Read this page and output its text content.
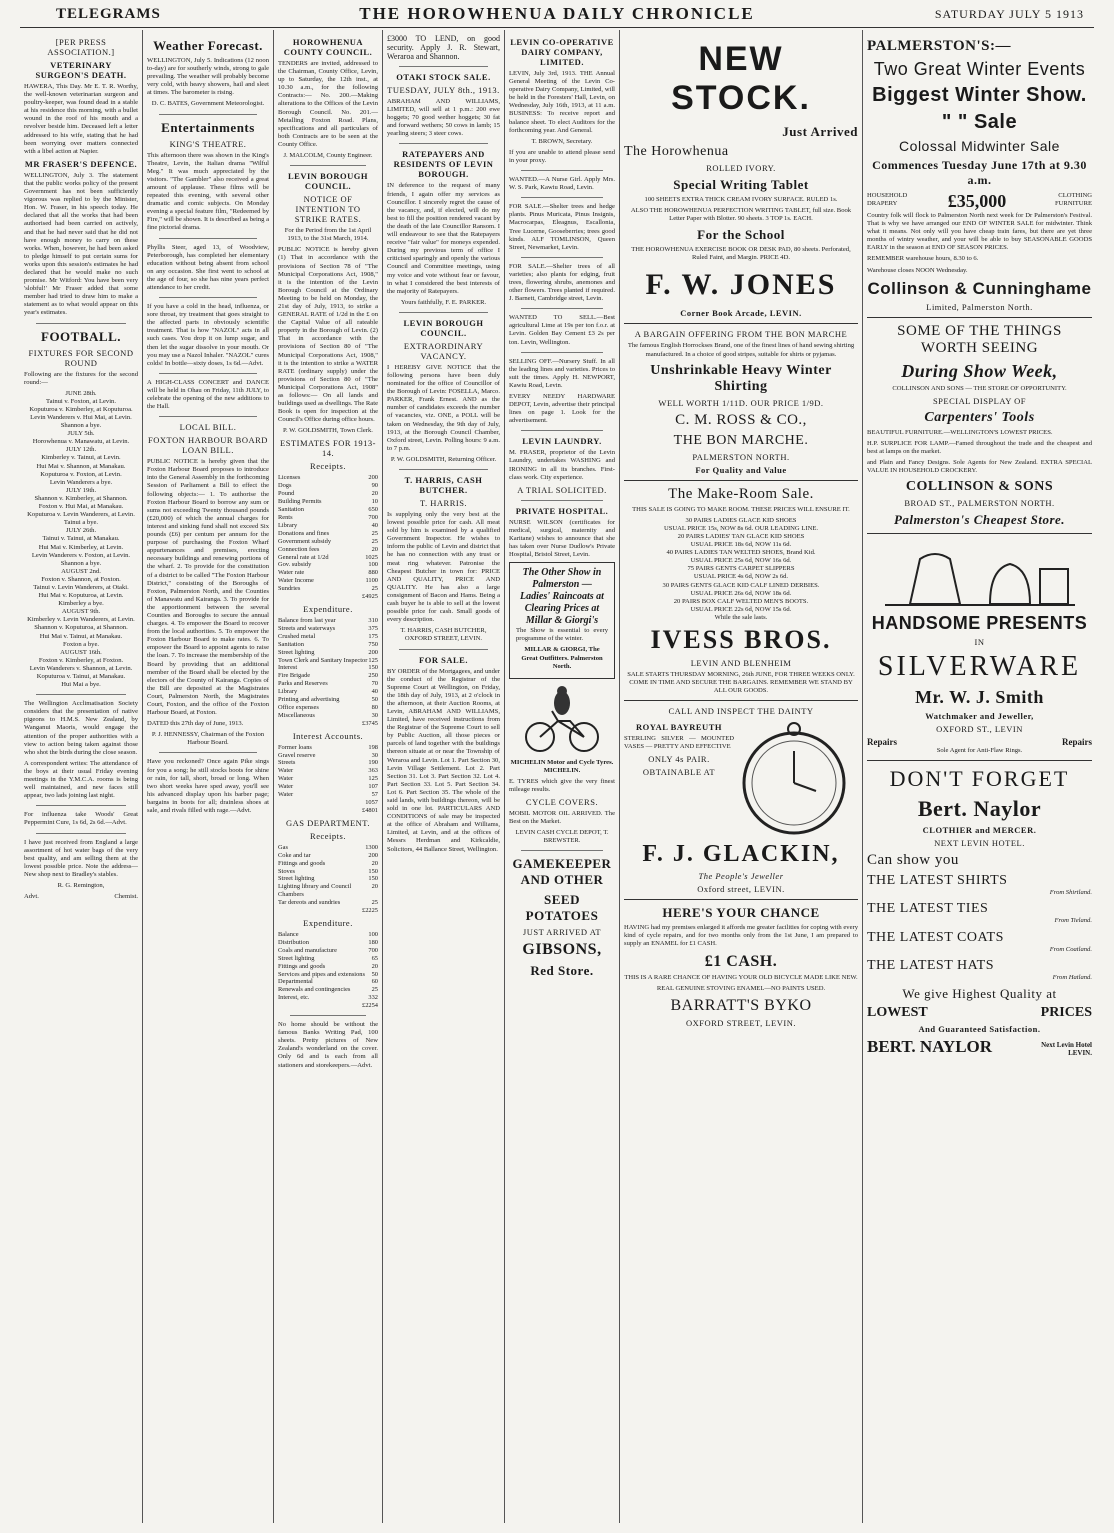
TELEGRAMS	THE HOROWHENUA DAILY CHRONICLE	SATURDAY JULY 5 1913
[PER PRESS ASSOCIATION.]
VETERINARY SURGEON'S DEATH.

HAWERA, This Day. Mr E. T. R. Worthy, the well-known veterinarian surgeon and poultry-keeper, was found dead in a stable at his residence this morning, with a bullet wound in the roof of his mouth and a revolver beside him. Deceased left a letter addressed to his wife, stating that he had been worrying over matters connected with a libel action at Napier.

MR FRASER'S DEFENCE.

WELLINGTON, July 3. The statement that the public works policy of the present Government has not been sufficiently vigorous was replied to by the Minister, Hon. W. Fraser, in his speech today. He declared that all the works that had been authorised had been carried on actively, and that he had never said that he did not have enough money to carry on these works. When, however, he had been asked to pledge himself to put certain sums for works upon this session's estimates he had declared that he would make no such promise. Mr Witford: You have been very 'slobful!' Mr Fraser added that some member had tried to draw him to make a statement as to what would appear on this year's estimates.

FOOTBALL.
FIXTURES FOR SECOND ROUND

Following are the fixtures for the second round:—

JUNE 28th.

Tainui v. Foxton, at Levin.

Koputuroa v. Kimberley, at Koputuroa.

Levin Wanderers v. Hui Mai, at Levin.

Shannon a bye.

JULY 5th.

Horowhenua v. Manawatu, at Levin.

JULY 12th.

Kimberley v. Tainui, at Levin.

Hui Mai v. Shannon, at Manakau.

Koputuroa v. Foxton, at Levin.

Levin Wanderers a bye.

JULY 19th.

Shannon v. Kimberley, at Shannon.

Foxton v. Hui Mai, at Manakau.

Koputuroa v. Levin Wanderers, at Levin.

Tainui a bye.

JULY 26th.

Tainui v. Tainui, at Manakau.

Hui Mai v. Kimberley, at Levin.

Levin Wanderers v. Foxton, at Levin.

Shannon a bye.

AUGUST 2nd.

Foxton v. Shannon, at Foxton.

Tainui v. Levin Wanderers, at Otaki.

Hui Mai v. Koputuroa, at Levin.

Kimberley a bye.

AUGUST 9th.

Kimberley v. Levin Wanderers, at Levin.

Shannon v. Koputuroa, at Shannon.

Hui Mai v. Tainui, at Manakau.

Foxton a bye.

AUGUST 16th.

Foxton v. Kimberley, at Foxton.

Levin Wanderers v. Shannon, at Levin.

Koputuroa v. Tainui, at Manakau.

Hui Mai a bye.

The Wellington Acclimatisation Society considers that the presentation of native pigeons to H.M.S. New Zealand, by Wanganui Maoris, would engage the attention of the proper authorities with a view to action being taken against those who shot the birds during the close season.

A correspondent writes: The attendance of the boys at their usual Friday evening meetings in the Y.M.C.A. rooms is being well maintained, and new faces still appear, two lads joining last night.

For influenza take Woods' Great Peppermint Cure, 1s 6d, 2s 6d.—Advt.

I have just received from England a large assortment of hot water bags of the very best quality, and am selling them at the lowest possible price. Note the address—New shop next to Bradley's stables.

R. G. Remington,

Advt.	Chemist.
Weather Forecast.

WELLINGTON, July 5. Indications (12 noon to-day) are for southerly winds, strong to gale prevailing. The weather will probably become very cold, with heavy showers, hail and sleet at times. The barometer is rising.

D. C. BATES, Government Meteorologist.

Entertainments
KING'S THEATRE.

This afternoon there was shown in the King's Theatre, Levin, the Italian drama "Wilful Meg." It was much appreciated by the visitors. "The Gambler" also received a great amount of applause. These films will be repeated this evening, with several other dramatic and comic subjects. On Monday evening a special feature film, "Redeemed by Fire," will be shown. It is described as being a fine pictorial drama.

Phyllis Steer, aged 13, of Woodview, Peterborough, has completed her elementary education without being absent from school on any occasion. She first went to school at the age of four, so she has nine years perfect attendance to her credit.

If you have a cold in the head, influenza, or sore throat, try treatment that goes straight to the affected parts in obviously scientific treatment. That is how "NAZOL" acts in all such cases. You drop it on lump sugar, and then let the sugar dissolve in your mouth. Or you may use a Nazol Inhaler. "NAZOL" cures colds! In bottle—sixty doses, 1s 6d.—Advt.

A HIGH-CLASS CONCERT and DANCE will be held in Ohau on Friday, 11th JULY, to celebrate the opening of the new additions to the Hall.

LOCAL BILL.
FOXTON HARBOUR BOARD LOAN BILL.

PUBLIC NOTICE is hereby given that the Foxton Harbour Board proposes to introduce into the General Assembly in the forthcoming Session of Parliament a Bill to effect the following objects:— 1. To authorise the Foxton Harbour Board to borrow any sum or sums not exceeding Twenty thousand pounds (£20,000) of which the annual charges for interest and sinking fund shall not exceed Six pounds (£6) per centum per annum for the purpose of purchasing the Foxton Wharf appurtenances and premises, erecting necessary buildings and renewing portions of the wharf. 2. To provide for the constitution of a district to be called "The Foxton Harbour District," consisting of the Boroughs of Foxton, Palmerston North, and the Counties of Manawatu and Kairanga. 3. To provide for the apportionment between the several Counties and Boroughs to secure the annual charges. 4. To empower the Board to recover from the local authorities. 5. To empower the Foxton Harbour Board to make rates. 6. To empower the Board to appoint agents to raise the loan. 7. To increase the membership of the Board by providing that an additional member of the Board shall be elected by the electors of the County of Kairanga. Copies of the Bill are deposited at the Magistrates Court, Palmerston North, the Magistrates Court, Foxton, and the office of the Foxton Harbour Board, at Foxton.

DATED this 27th day of June, 1913.

P. J. HENNESSY, Chairman of the Foxton Harbour Board.

Have you reckoned? Once again Pike sings for you a song; he still stocks boots for shine or rain, for tall, short, broad or long. When two short weeks have sped away, you'll see his advanced display upon his barber page; bargains in boots for all; drainless shoes at sale, and rivals filled with rage.—Advt.

HOROWHENUA COUNTY COUNCIL.

TENDERS are invited, addressed to the Chairman, County Office, Levin, up to Saturday, the 12th inst., at 10.30 a.m., for the following Contracts:— No. 200.—Making alterations to the Offices of the Levin Borough Council. No. 201.—Metalling Foxton Road. Plans, specifications and all particulars of both Contracts are to be seen at the County Office.

J. MALCOLM, County Engineer.

LEVIN BOROUGH COUNCIL.
NOTICE OF INTENTION TO STRIKE RATES.

For the Period from the 1st April 1913, to the 31st March, 1914.

PUBLIC NOTICE is hereby given (1) That in accordance with the provisions of Section 78 of "The Municipal Corporations Act, 1908," it is the intention of the Levin Borough Council at the Ordinary Meeting to be held on Monday, the 21st day of July, 1913, to strike a GENERAL RATE of 1/2d in the £ on the Capital Value of all rateable property in the Borough of Levin. (2) That in accordance with the provisions of Section 80 of "The Municipal Corporations Act, 1908," it is the intention to strike a WATER RATE (ordinary supply) under the provisions of Section 80 of "The Municipal Corporations Act, 1908" as follows:— On all lands and buildings used as dwellings. The Rate Book is open for inspection at the Council's Office during office hours.

P. W. GOLDSMITH, Town Clerk.

ESTIMATES FOR 1913-14.
Receipts.
Licenses	200
Dogs	90
Pound	20
Building Permits	10
Sanitation	650
Rents	700
Library	40
Donations and fines	25
Government subsidy	25
Connection fees	20
General rate at 1/2d	1025
Gov. subsidy	100
Water rate	880
Water Income	1100
Sundries	25
£4925
Expenditure.
Balance from last year	310
Streets and waterways	375
Crushed metal	175
Sanitation	750
Street lighting	200
Town Clerk and Sanitary Inspector 125
Interest	150
Fire Brigade	250
Parks and Reserves	70
Library	40
Printing and advertising	50
Office expenses	80
Miscellaneous	30
£3745
Interest Accounts.
Former loans	198
Gravel reserve	30
Streets	190
Water	363
Water	125
Water	107
Water	57
1057
£4801
GAS DEPARTMENT.
Receipts.
Gas	1300
Coke and tar	200
Fittings and goods	20
Stoves	150
Street lighting	150
Lighting library and Council Chambers
20
Tar dereots and sundries	25
£2225
Expenditure.
Balance	100
Distribution	180
Coals and manufacture	700
Street lighting	65
Fittings and goods	20
Services and pipes and extensions 50
Departmental	60
Renewals and contingencies	25
Interest, etc.	332
£2254

No home should be without the famous Banks Writing Pad, 100 sheets. Pretty pictures of New Zealand's wonderland on the cover. Only 6d and is each from all stationers and storekeepers.—Advt.

£3000 TO LEND, on good security. Apply J. R. Stewart, Weraroa and Shannon.

OTAKI STOCK SALE.
TUESDAY, JULY 8th., 1913.

ABRAHAM AND WILLIAMS, LIMITED, will sell at 1 p.m.: 200 ewe hoggets; 70 good wether hoggets; 30 fat and forward wethers; 50 cows in lamb; 15 yearling steers; 3 steer cows.

RATEPAYERS AND RESIDENTS OF LEVIN BOROUGH.

IN deference to the request of many friends, I again offer my services as Councillor. I sincerely regret the cause of the vacancy, and, if elected, will do my best to fill the position rendered vacant by the death of the late Councillor Ransom. I will endeavour to see that the Ratepayers receive "fair value" for moneys expended. During my previous term of office I criticised sparingly and openly the various Council and Committee meetings, using my voice and vote without fear or favour, in what I considered the best interests of the majority of Ratepayers.

Yours faithfully, F. E. PARKER.

LEVIN BOROUGH COUNCIL.
EXTRAORDINARY VACANCY.

I HEREBY GIVE NOTICE that the following persons have been duly nominated for the office of Councillor of the Borough of Levin: FOSELLA, Marco. PARKER, Frank Ernest. AND as the number of candidates exceeds the number of vacancies, viz. ONE, a POLL will be taken on Wednesday, the 9th day of July, 1913, at the Borough Council Chamber, Oxford street, Levin. Polling hours: 9 a.m. to 7 p.m.

P. W. GOLDSMITH, Returning Officer.

T. HARRIS, CASH BUTCHER.
T. HARRIS.

Is supplying only the very best at the lowest possible price for cash. All meat sold by him is examined by a qualified Government Inspector. He wishes to inform the public of Levin and district that he has no connection with any trust or meat ring whatever. Patronise the Cheapest Butcher in town for: PRICE AND QUALITY, PRICE AND QUALITY. He has also a large consignment of Bacon and Hams. Being a cash buyer he is able to sell at the lowest possible price for cash. Small goods of every description.

T. HARRIS, CASH BUTCHER, OXFORD STREET, LEVIN.

FOR SALE.

BY ORDER of the Mortgagees, and under the conduct of the Registrar of the Supreme Court at Wellington, on Friday, the 18th day of July, 1913, at 2 o'clock in the afternoon, at their Auction Rooms, at Levin, ABRAHAM AND WILLIAMS, Limited, have received instructions from the Registrar of the Supreme Court to sell by Public Auction, all those pieces or parcels of land together with the buildings thereon situate at or near the Township of Weraroa and Levin. Lot 1. Part Section 30, Levin Village Settlement. Lot 2. Part Section 31. Lot 3. Part Section 32. Lot 4. Part Section 33. Lot 5. Part Section 34. Lot 6. Part Section 35. The whole of the said lands, with buildings thereon, will be sold in one lot. PARTICULARS AND CONDITIONS of sale may be inspected at the office of Abraham and Williams, Limited, at Levin, and at the offices of Messrs Herdman and Kirkcaldie, Solicitors, 44 Ballance Street, Wellington.

LEVIN CO-OPERATIVE DAIRY COMPANY, LIMITED.

LEVIN, July 3rd, 1913. THE Annual General Meeting of the Levin Co-operative Dairy Company, Limited, will be held in the Foresters' Hall, Levin, on Wednesday, July 16th, 1913, at 11 a.m. BUSINESS: To receive report and balance sheet. To elect Auditors for the forthcoming year. And General.

T. BROWN, Secretary.

If you are unable to attend please send in your proxy.

WANTED.—A Nurse Girl. Apply Mrs. W. S. Park, Kawiu Road, Levin.

FOR SALE.—Shelter trees and hedge plants. Pinus Muricata, Pinus Insignis, Macrocarpas, Eleagnus, Escallonia, Tree Lucerne, Gooseberries; trees good kinds. ALF TOMLINSON, Queen Street, Newmarket, Levin.

FOR SALE.—Shelter trees of all varieties; also plants for edging, fruit trees, flowering shrubs, anemones and other flowers. Trees planted if required. J. Barnett, Cambridge street, Levin.

WANTED TO SELL.—Best agricultural Lime at 19s per ton f.o.r. at Levin. Golden Bay Cement £3 2s per ton. Levin, Wellington.

SELLING OFF.—Nursery Stuff. In all the leading lines and varieties. Prices to suit the times. Apply H. NEWPORT, Kawiu Road, Levin.

EVERY NEEDY HARDWARE DEPOT, Levin, advertise their principal lines on page 1. Look for the advertisement.

LEVIN LAUNDRY.

M. FRASER, proprietor of the Levin Laundry, undertakes WASHING and IRONING in all its branches. First-class work. City experience.

A TRIAL SOLICITED.
PRIVATE HOSPITAL.

NURSE WILSON (certificates for medical, surgical, maternity and Karitane) wishes to announce that she has taken over Nurse Dudlow's Private Hospital, Bristol Street, Levin.

The Other Show in Palmerston — Ladies' Raincoats at Clearing Prices at Millar & Giorgi's

The Show is essential to every programme of the winter.

MILLAR & GIORGI, The Great Outfitters. Palmerston North.

MICHELIN Motor and Cycle Tyres. MICHELIN.

E. TYRES which give the very finest mileage results.

CYCLE COVERS.

MOBIL MOTOR OIL ARRIVED. The Best on the Market.

LEVIN CASH CYCLE DEPOT, T. BREWSTER.

GAMEKEEPER AND OTHER
SEED POTATOES
JUST ARRIVED AT
GIBSONS,
Red Store.
NEW STOCK.
Just Arrived
The Horowhenua
ROLLED IVORY.
Special Writing Tablet

100 SHEETS EXTRA THICK CREAM IVORY SURFACE. RULED 1s.

ALSO THE HOROWHENUA PERFECTION WRITING TABLET, full size. Book Letter Paper with Blotter. 90 sheets. 3 TOP 1s. EACH.

For the School

THE HOROWHENUA EXERCISE BOOK OR DESK PAD, 80 sheets. Perforated, Ruled Faint, and Margin. PRICE 4D.

F. W. JONES
Corner Book Arcade, LEVIN.
A BARGAIN OFFERING FROM THE BON MARCHE

The famous English Horrockses Brand, one of the finest lines of hand sewing shirting manufactured. In a choice of good stripes, suitable for shirts or pyjamas.

Unshrinkable Heavy Winter Shirting
WELL WORTH 1/11D. OUR PRICE 1/9D.
C. M. ROSS & CO.,
THE BON MARCHE.
PALMERSTON NORTH.
For Quality and Value
The Make-Room Sale.

THIS SALE IS GOING TO MAKE ROOM. THESE PRICES WILL ENSURE IT.

30 PAIRS LADIES GLACE KID SHOES

USUAL PRICE 15s, NOW 8s 6d. OUR LEADING LINE.

20 PAIRS LADIES' TAN GLACE KID SHOES

USUAL PRICE 18s 6d, NOW 11s 6d.

40 PAIRS LADIES TAN WELTED SHOES, Brand Kid.

USUAL PRICE 25s 6d, NOW 16s 6d.

75 PAIRS GENTS CARPET SLIPPERS

USUAL PRICE 4s 6d, NOW 2s 6d.

30 PAIRS GENTS GLACE KID CALF LINED DERBIES.

USUAL PRICE 26s 6d, NOW 18s 6d.

20 PAIRS BOX CALF WELTED MEN'S BOOTS.

USUAL PRICE 22s 6d, NOW 15s 6d.

While the sale lasts.

IVESS BROS.
LEVIN AND BLENHEIM

SALE STARTS THURSDAY MORNING, 26th JUNE, FOR THREE WEEKS ONLY. COME IN TIME AND SECURE THE BARGAINS. REMEMBER WE STAND BY ALL OUR GOODS.

CALL AND INSPECT THE DAINTY
ROYAL BAYREUTH

STERLING SILVER — MOUNTED VASES — PRETTY AND EFFECTIVE

ONLY 4s PAIR.
OBTAINABLE AT
F. J. GLACKIN,
The People's Jeweller
Oxford street, LEVIN.
HERE'S YOUR CHANCE

HAVING had my premises enlarged it affords me greater facilities for coping with every kind of cycle repairs, and for two months only from the 1st June, I am prepared to supply an ENAMEL for £1 CASH.

£1 CASH.

THIS IS A RARE CHANCE OF HAVING YOUR OLD BICYCLE MADE LIKE NEW.

REAL GENUINE STOVING ENAMEL—NO PAINTS USED.

BARRATT'S BYKO
OXFORD STREET, LEVIN.
PALMERSTON'S:—
Two Great Winter Events
Biggest Winter Show.
" " Sale
Colossal Midwinter Sale
Commences Tuesday June 17th at 9.30 a.m.
HOUSEHOLD DRAPERY	£35,000	CLOTHING FURNITURE

Country folk will flock to Palmerston North next week for Dr Palmerston's Festival. That is why we have arranged our END OF WINTER SALE for midwinter. Think what it means. Not only will you have cheap train fares, but there are yet three months of wintry weather, and your will be able to buy SEASONABLE GOODS EARLY in the season at END OF SEASON PRICES.

REMEMBER warehouse hours, 8.30 to 6.

Warehouse closes NOON Wednesday.

Collinson & Cunninghame
Limited, Palmerston North.
SOME OF THE THINGS WORTH SEEING
During Show Week,

COLLINSON AND SONS — THE STORE OF OPPORTUNITY.

SPECIAL DISPLAY OF
Carpenters' Tools

BEAUTIFUL FURNITURE.—WELLINGTON'S LOWEST PRICES.

H.P. SURPLICE FOR LAMP.—Famed throughout the trade and the cheapest and best at lamps on the market.

and Plain and Fancy Designs. Sole Agents for New Zealand. EXTRA SPECIAL VALUE IN HOUSEHOLD CROCKERY.

COLLINSON & SONS
BROAD ST., PALMERSTON NORTH.
Palmerston's Cheapest Store.
HANDSOME PRESENTS
IN
SILVERWARE
Mr. W. J. Smith
Watchmaker and Jeweller,
OXFORD ST., LEVIN
Repairs	Repairs

Sole Agent for Anti-Flaw Rings.

DON'T FORGET
Bert. Naylor
CLOTHIER and MERCER.
NEXT LEVIN HOTEL.
Can show you
THE LATEST SHIRTS
From Shirtland.
THE LATEST TIES
From Tieland.
THE LATEST COATS
From Coatland.
THE LATEST HATS
From Hatland.
We give Highest Quality at
LOWEST	PRICES
And Guaranteed Satisfaction.
BERT. NAYLOR	Next Levin Hotel
LEVIN.
